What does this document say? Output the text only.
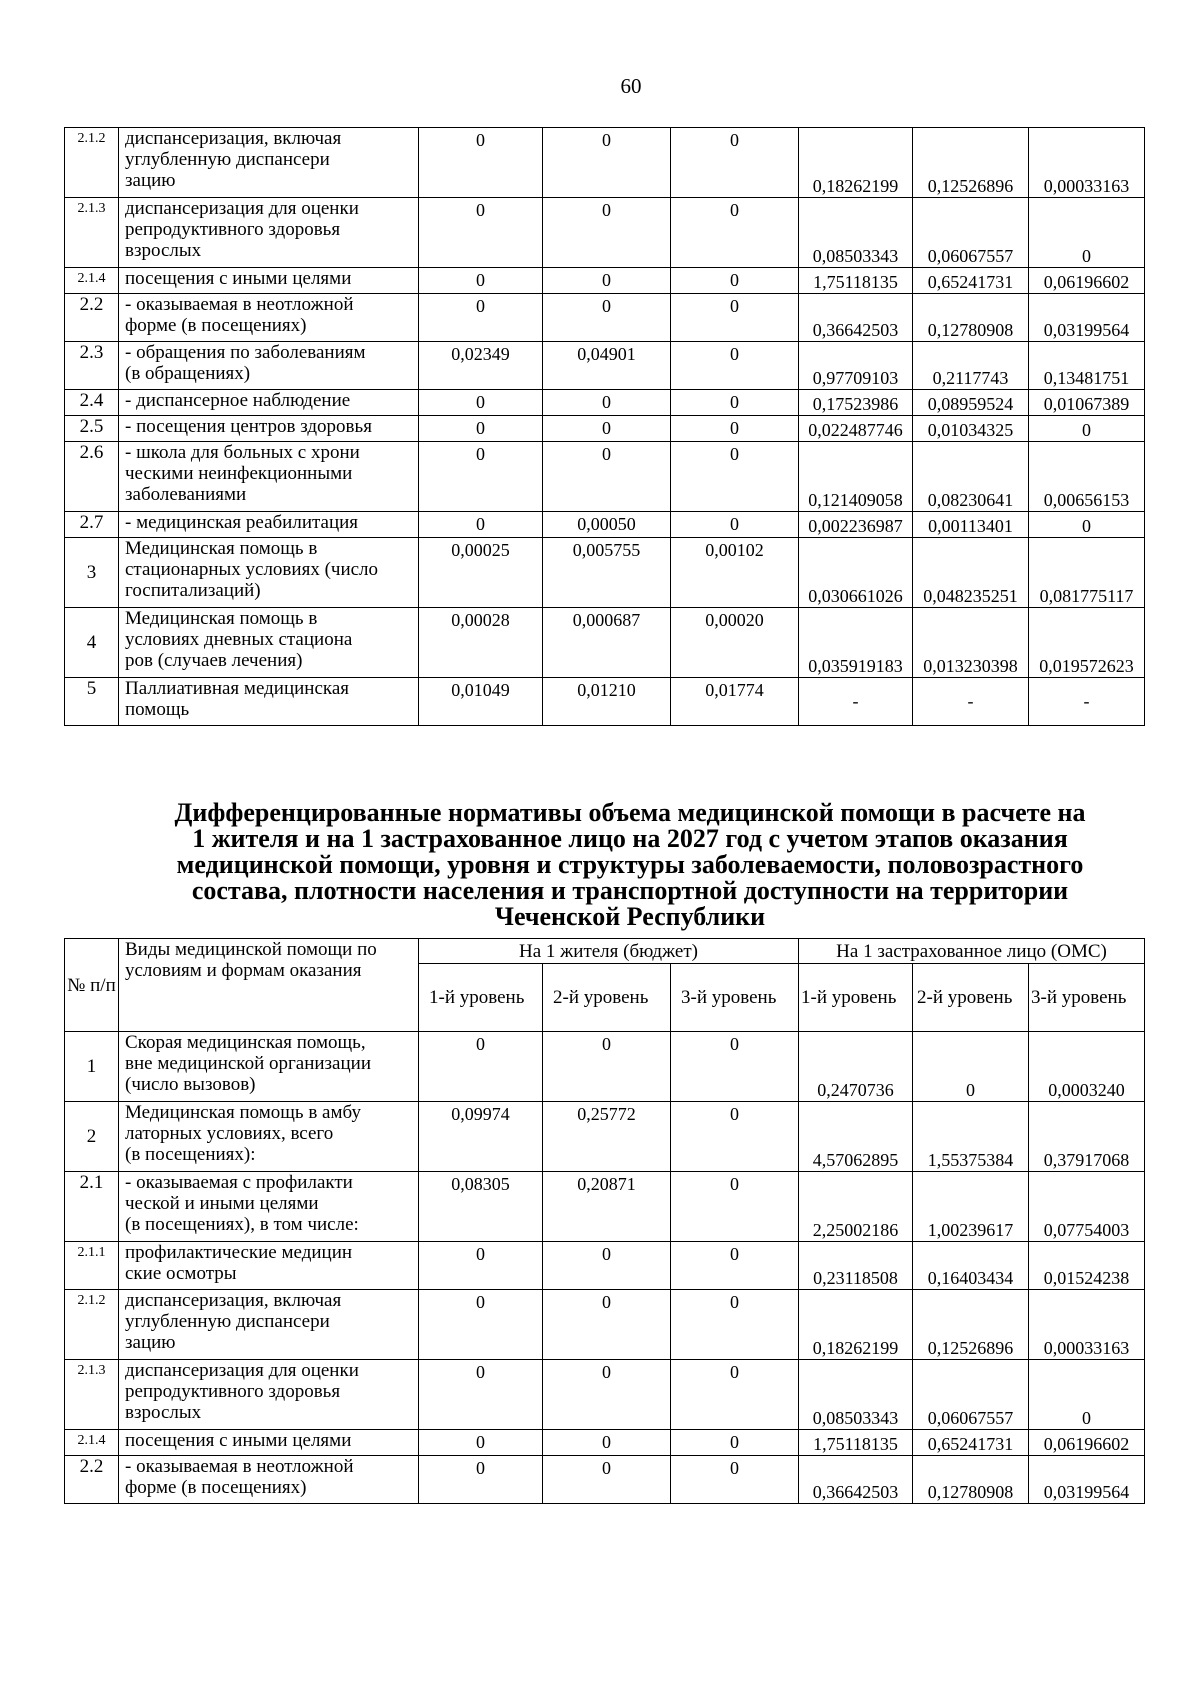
60
2.1.2	диспансеризация, включая
углубленную диспансери
зацию	0	0	0	0,18262199	0,12526896	0,00033163
2.1.3	диспансеризация для оценки
репродуктивного здоровья
взрослых	0	0	0	0,08503343	0,06067557	0
2.1.4	посещения с иными целями	0	0	0	1,75118135	0,65241731	0,06196602
2.2	- оказываемая в неотложной
форме (в посещениях)	0	0	0	0,36642503	0,12780908	0,03199564
2.3	- обращения по заболеваниям
(в обращениях)	0,02349	0,04901	0	0,97709103	0,2117743	0,13481751
2.4	- диспансерное наблюдение	0	0	0	0,17523986	0,08959524	0,01067389
2.5	- посещения центров здоровья	0	0	0	0,022487746	0,01034325	0
2.6	- школа для больных с хрони
ческими неинфекционными
заболеваниями	0	0	0	0,121409058	0,08230641	0,00656153
2.7	- медицинская реабилитация	0	0,00050	0	0,002236987	0,00113401	0
3	Медицинская помощь в
стационарных условиях (число
госпитализаций)	0,00025	0,005755	0,00102	0,030661026	0,048235251	0,081775117
4	Медицинская помощь в
условиях дневных стациона
ров (случаев лечения)	0,00028	0,000687	0,00020	0,035919183	0,013230398	0,019572623
5	Паллиативная медицинская
помощь	0,01049	0,01210	0,01774	-	-	-
Дифференцированные нормативы объема медицинской помощи в расчете на
1 жителя и на 1 застрахованное лицо на 2027 год с учетом этапов оказания
медицинской помощи, уровня и структуры заболеваемости, половозрастного
состава, плотности населения и транспортной доступности на территории
Чеченской Республики
№ п/п	Виды медицинской помощи по условиям и формам оказания	На 1 жителя (бюджет)			На 1 застрахованное лицо (ОМС)		
		1-й уровень	2-й уровень	3-й уровень	1-й уровень	2-й уровень	3-й уровень
1	Скорая медицинская помощь,
вне медицинской организации
(число вызовов)	0	0	0	0,2470736	0	0,0003240
2	Медицинская помощь в амбу
латорных условиях, всего
(в посещениях):	0,09974	0,25772	0	4,57062895	1,55375384	0,37917068
2.1	- оказываемая с профилакти
ческой и иными целями
(в посещениях), в том числе:	0,08305	0,20871	0	2,25002186	1,00239617	0,07754003
2.1.1	профилактические медицин
ские осмотры	0	0	0	0,23118508	0,16403434	0,01524238
2.1.2	диспансеризация, включая
углубленную диспансери
зацию	0	0	0	0,18262199	0,12526896	0,00033163
2.1.3	диспансеризация для оценки
репродуктивного здоровья
взрослых	0	0	0	0,08503343	0,06067557	0
2.1.4	посещения с иными целями	0	0	0	1,75118135	0,65241731	0,06196602
2.2	- оказываемая в неотложной
форме (в посещениях)	0	0	0	0,36642503	0,12780908	0,03199564
